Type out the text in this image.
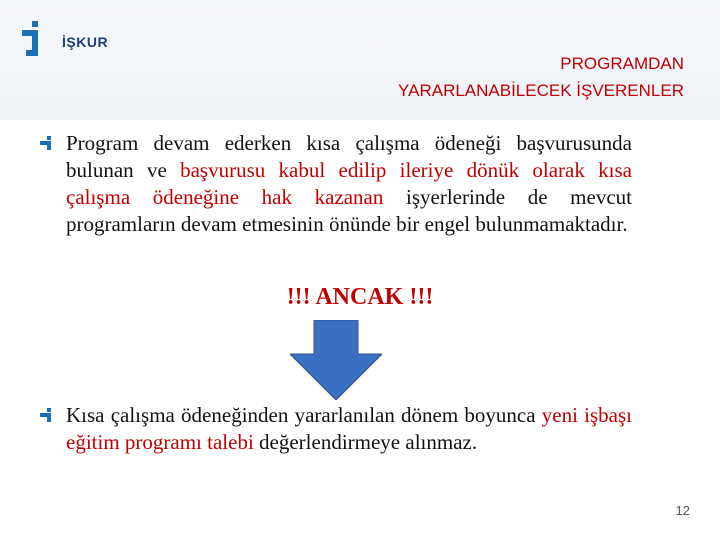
İŞKUR
PROGRAMDAN
YARARLANABİLECEK İŞVERENLER
Program devam ederken kısa çalışma ödeneği başvurusunda bulunan ve başvurusu kabul edilip ileriye dönük olarak kısa çalışma ödeneğine hak kazanan işyerlerinde de mevcut programların devam etmesinin önünde bir engel bulunmamaktadır.
!!! ANCAK !!!
Kısa çalışma ödeneğinden yararlanılan dönem boyunca yeni işbaşı eğitim programı talebi değerlendirmeye alınmaz.
12
